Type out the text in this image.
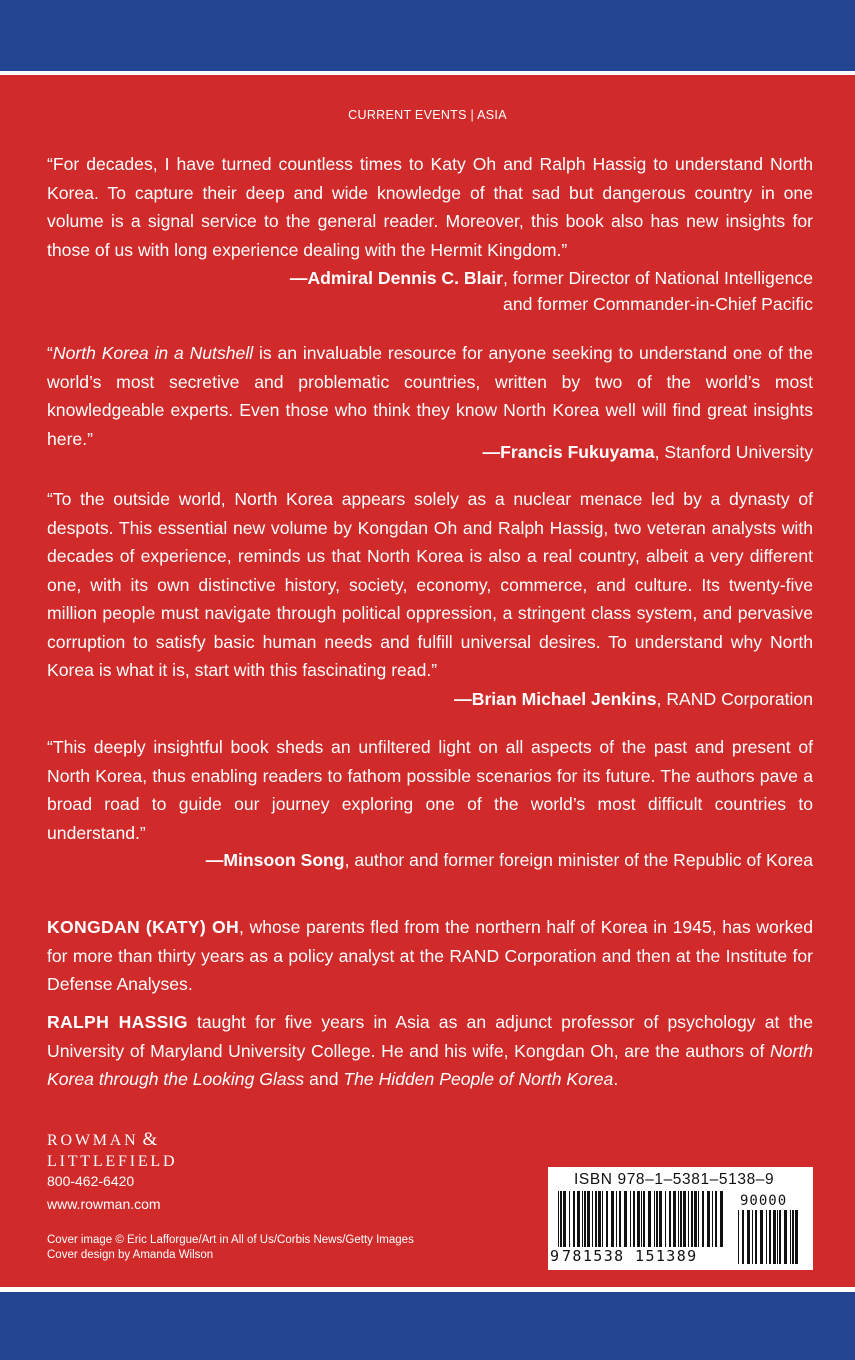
CURRENT EVENTS | ASIA
“For decades, I have turned countless times to Katy Oh and Ralph Hassig to understand North Korea. To capture their deep and wide knowledge of that sad but dangerous country in one volume is a signal service to the general reader. Moreover, this book also has new insights for those of us with long experience dealing with the Hermit Kingdom.”
—Admiral Dennis C. Blair, former Director of National Intelligence
and former Commander-in-Chief Pacific
“North Korea in a Nutshell is an invaluable resource for anyone seeking to understand one of the world’s most secretive and problematic countries, written by two of the world’s most knowledgeable experts. Even those who think they know North Korea well will find great insights here.”
—Francis Fukuyama, Stanford University
“To the outside world, North Korea appears solely as a nuclear menace led by a dynasty of despots. This essential new volume by Kongdan Oh and Ralph Hassig, two veteran analysts with decades of experience, reminds us that North Korea is also a real country, albeit a very different one, with its own distinctive history, society, economy, commerce, and culture. Its twenty-five million people must navigate through political oppression, a stringent class system, and pervasive corruption to satisfy basic human needs and fulfill universal desires. To understand why North Korea is what it is, start with this fascinating read.”
—Brian Michael Jenkins, RAND Corporation
“This deeply insightful book sheds an unfiltered light on all aspects of the past and present of North Korea, thus enabling readers to fathom possible scenarios for its future. The authors pave a broad road to guide our journey exploring one of the world’s most difficult countries to understand.”
—Minsoon Song, author and former foreign minister of the Republic of Korea
KONGDAN (KATY) OH, whose parents fled from the northern half of Korea in 1945, has worked for more than thirty years as a policy analyst at the RAND Corporation and then at the Institute for Defense Analyses.
RALPH HASSIG taught for five years in Asia as an adjunct professor of psychology at the University of Maryland University College. He and his wife, Kongdan Oh, are the authors of North Korea through the Looking Glass and The Hidden People of North Korea.
ROWMAN &
LITTLEFIELD
800-462-6420
www.rowman.com
Cover image © Eric Lafforgue/Art in All of Us/Corbis News/Getty Images
Cover design by Amanda Wilson
ISBN 978–1–5381–5138–9
9 781538 151389
90000
